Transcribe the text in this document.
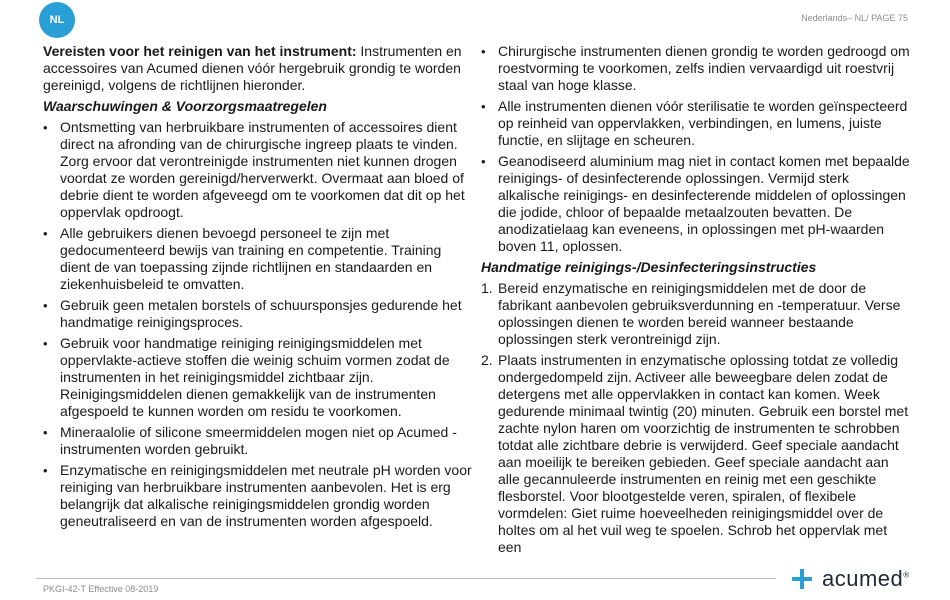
NL	Nederlands– NL/ PAGE 75

Vereisten voor het reinigen van het instrument: Instrumenten en accessoires van Acumed dienen vóór hergebruik grondig te worden gereinigd, volgens de richtlijnen hieronder.

Waarschuwingen & Voorzorgsmaatregelen

• Ontsmetting van herbruikbare instrumenten of accessoires dient direct na afronding van de chirurgische ingreep plaats te vinden. Zorg ervoor dat verontreinigde instrumenten niet kunnen drogen voordat ze worden gereinigd/herverwerkt. Overmaat aan bloed of debrie dient te worden afgeveegd om te voorkomen dat dit op het oppervlak opdroogt.
• Alle gebruikers dienen bevoegd personeel te zijn met gedocumenteerd bewijs van training en competentie. Training dient de van toepassing zijnde richtlijnen en standaarden en ziekenhuisbeleid te omvatten.
• Gebruik geen metalen borstels of schuursponsjes gedurende het handmatige reinigingsproces.
• Gebruik voor handmatige reiniging reinigingsmiddelen met oppervlakte-actieve stoffen die weinig schuim vormen zodat de instrumenten in het reinigingsmiddel zichtbaar zijn. Reinigingsmiddelen dienen gemakkelijk van de instrumenten afgespoeld te kunnen worden om residu te voorkomen.
• Mineraalolie of silicone smeermiddelen mogen niet op Acumed -instrumenten worden gebruikt.
• Enzymatische en reinigingsmiddelen met neutrale pH worden voor reiniging van herbruikbare instrumenten aanbevolen. Het is erg belangrijk dat alkalische reinigingsmiddelen grondig worden geneutraliseerd en van de instrumenten worden afgespoeld.
• Chirurgische instrumenten dienen grondig te worden gedroogd om roestvorming te voorkomen, zelfs indien vervaardigd uit roestvrij staal van hoge klasse.
• Alle instrumenten dienen vóór sterilisatie te worden geïnspecteerd op reinheid van oppervlakken, verbindingen, en lumens, juiste functie, en slijtage en scheuren.
• Geanodiseerd aluminium mag niet in contact komen met bepaalde reinigings- of desinfecterende oplossingen. Vermijd sterk alkalische reinigings- en desinfecterende middelen of oplossingen die jodide, chloor of bepaalde metaalzouten bevatten. De anodizatielaag kan eveneens, in oplossingen met pH-waarden boven 11, oplossen.

Handmatige reinigings-/Desinfecteringsinstructies

1. Bereid enzymatische en reinigingsmiddelen met de door de fabrikant aanbevolen gebruiksverdunning en -temperatuur. Verse oplossingen dienen te worden bereid wanneer bestaande oplossingen sterk verontreinigd zijn.
2. Plaats instrumenten in enzymatische oplossing totdat ze volledig ondergedompeld zijn. Activeer alle beweegbare delen zodat de detergens met alle oppervlakken in contact kan komen. Week gedurende minimaal twintig (20) minuten. Gebruik een borstel met zachte nylon haren om voorzichtig de instrumenten te schrobben totdat alle zichtbare debrie is verwijderd. Geef speciale aandacht aan moeilijk te bereiken gebieden. Geef speciale aandacht aan alle gecannuleerde instrumenten en reinig met een geschikte flesborstel. Voor blootgestelde veren, spiralen, of flexibele vormdelen: Giet ruime hoeveelheden reinigingsmiddel over de holtes om al het vuil weg te spoelen. Schrob het oppervlak met een
PKGI-42-T Effective 08-2019	acumed®
